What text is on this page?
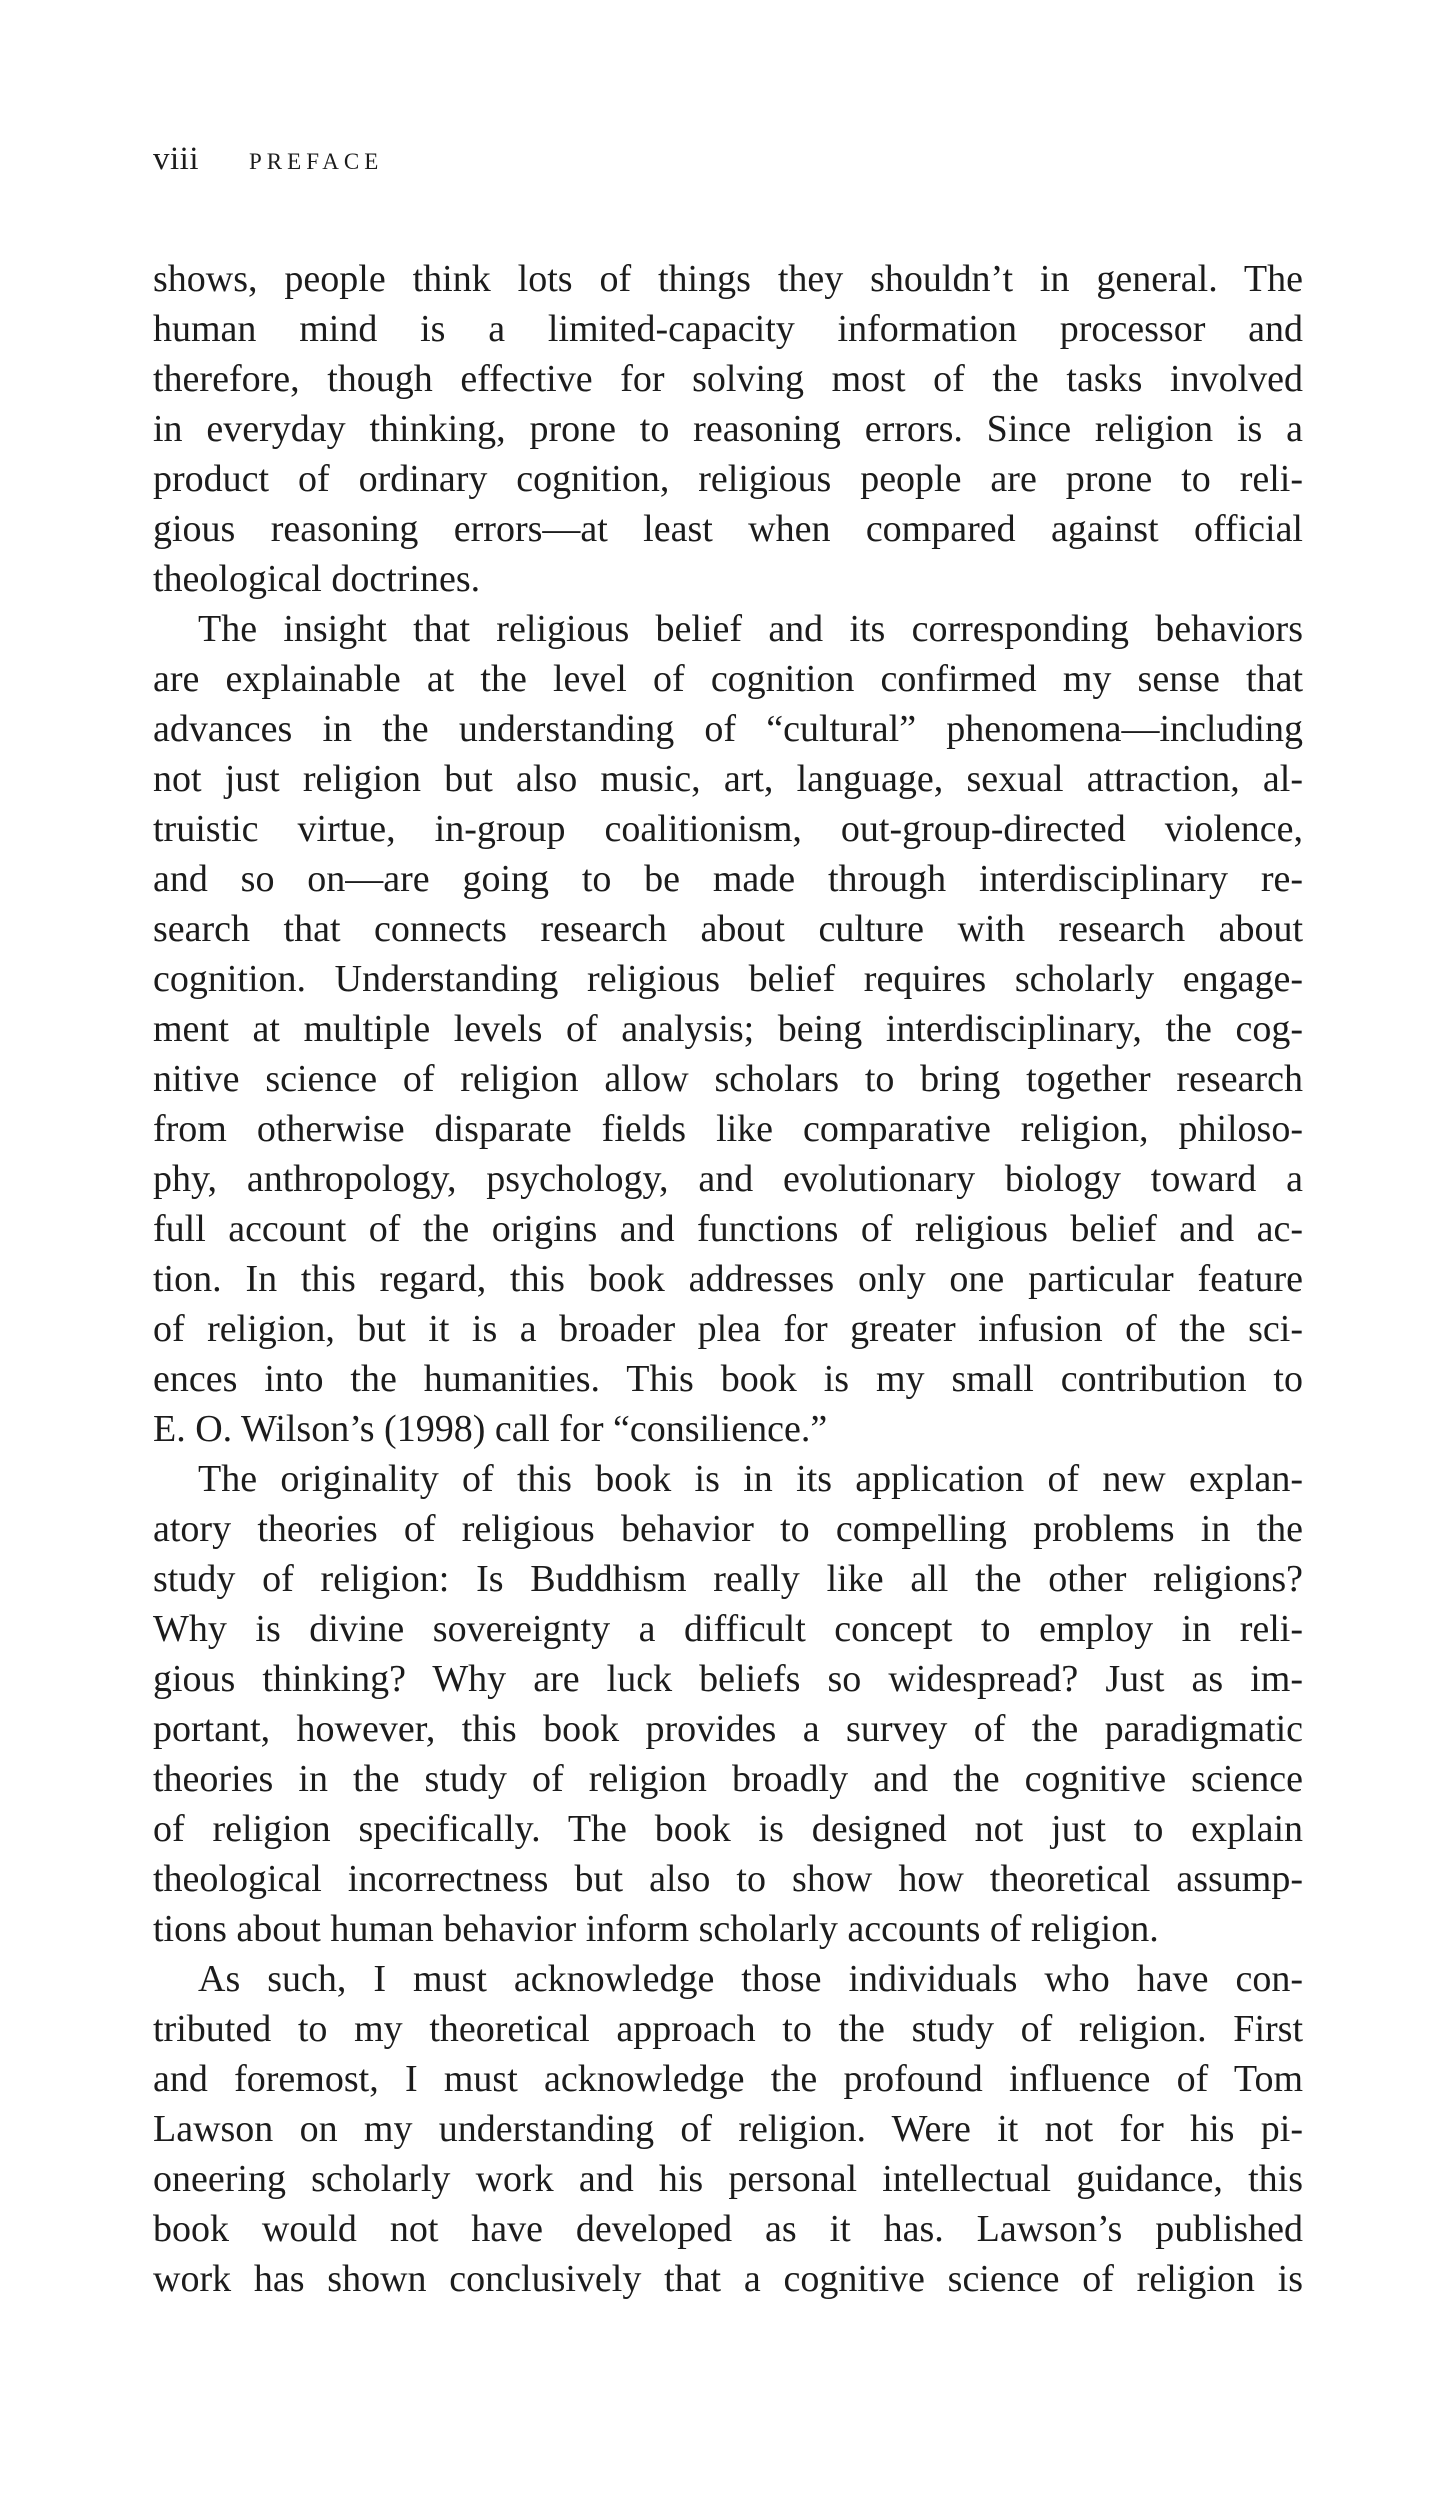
viii PREFACE
shows, people think lots of things they shouldn’t in general. The
human mind is a limited-capacity information processor and
therefore, though effective for solving most of the tasks involved
in everyday thinking, prone to reasoning errors. Since religion is a
product of ordinary cognition, religious people are prone to reli-
gious reasoning errors—at least when compared against official
theological doctrines.
The insight that religious belief and its corresponding behaviors
are explainable at the level of cognition confirmed my sense that
advances in the understanding of “cultural” phenomena—including
not just religion but also music, art, language, sexual attraction, al-
truistic virtue, in-group coalitionism, out-group-directed violence,
and so on—are going to be made through interdisciplinary re-
search that connects research about culture with research about
cognition. Understanding religious belief requires scholarly engage-
ment at multiple levels of analysis; being interdisciplinary, the cog-
nitive science of religion allow scholars to bring together research
from otherwise disparate fields like comparative religion, philoso-
phy, anthropology, psychology, and evolutionary biology toward a
full account of the origins and functions of religious belief and ac-
tion. In this regard, this book addresses only one particular feature
of religion, but it is a broader plea for greater infusion of the sci-
ences into the humanities. This book is my small contribution to
E. O. Wilson’s (1998) call for “consilience.”
The originality of this book is in its application of new explan-
atory theories of religious behavior to compelling problems in the
study of religion: Is Buddhism really like all the other religions?
Why is divine sovereignty a difficult concept to employ in reli-
gious thinking? Why are luck beliefs so widespread? Just as im-
portant, however, this book provides a survey of the paradigmatic
theories in the study of religion broadly and the cognitive science
of religion specifically. The book is designed not just to explain
theological incorrectness but also to show how theoretical assump-
tions about human behavior inform scholarly accounts of religion.
As such, I must acknowledge those individuals who have con-
tributed to my theoretical approach to the study of religion. First
and foremost, I must acknowledge the profound influence of Tom
Lawson on my understanding of religion. Were it not for his pi-
oneering scholarly work and his personal intellectual guidance, this
book would not have developed as it has. Lawson’s published
work has shown conclusively that a cognitive science of religion is
